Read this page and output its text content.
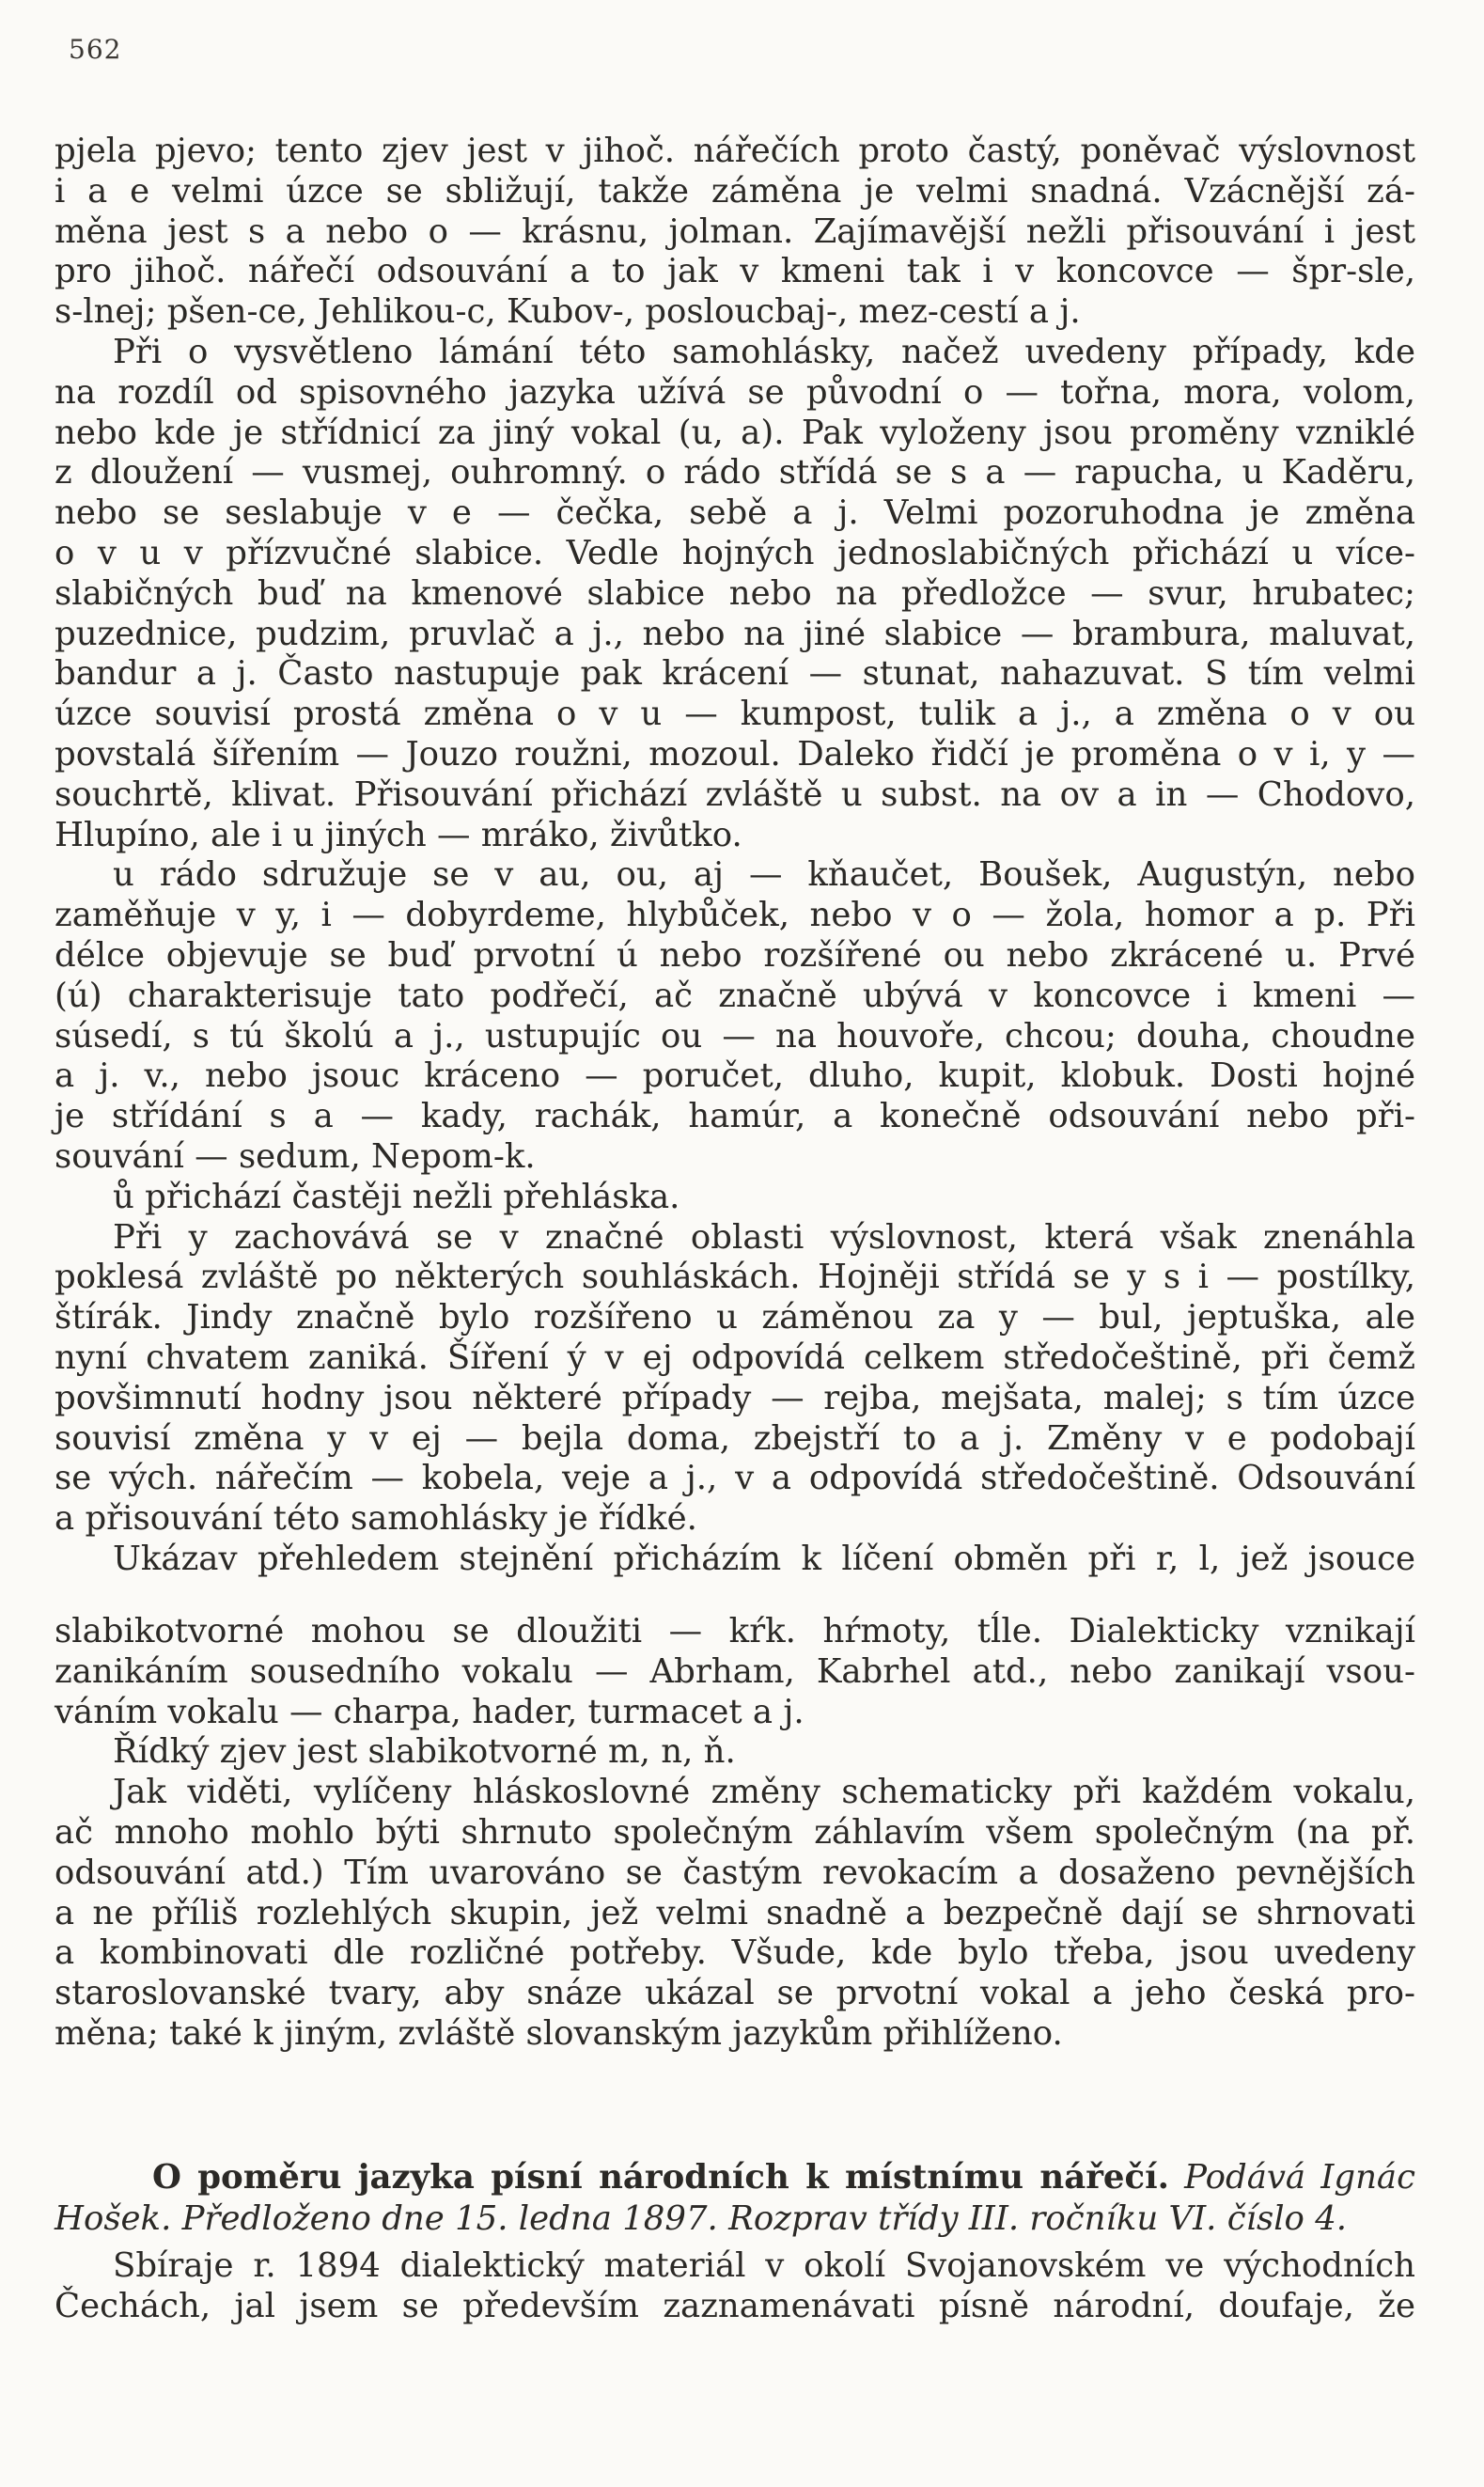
562
pjela pjevo; tento zjev jest v jihoč. nářečích proto častý, poněvač výslovnost
i a e velmi úzce se sbližují, takže záměna je velmi snadná. Vzácnější zá-
měna jest s a nebo o — krásnu, jolman. Zajímavější nežli přisouvání i jest
pro jihoč. nářečí odsouvání a to jak v kmeni tak i v koncovce — špr-sle,
s-lnej; pšen-ce, Jehlikou-c, Kubov-, posloucbaj-, mez-cestí a j.
Při o vysvětleno lámání této samohlásky, načež uvedeny případy, kde
na rozdíl od spisovného jazyka užívá se původní o — tořna, mora, volom,
nebo kde je střídnicí za jiný vokal (u, a). Pak vyloženy jsou proměny vzniklé
z dloužení — vusmej, ouhromný. o rádo střídá se s a — rapucha, u Kaděru,
nebo se seslabuje v e — čečka, sebě a j. Velmi pozoruhodna je změna
o v u v přízvučné slabice. Vedle hojných jednoslabičných přichází u více-
slabičných buď na kmenové slabice nebo na předložce — svur, hrubatec;
puzednice, pudzim, pruvlač a j., nebo na jiné slabice — brambura, maluvat,
bandur a j. Často nastupuje pak krácení — stunat, nahazuvat. S tím velmi
úzce souvisí prostá změna o v u — kumpost, tulik a j., a změna o v ou
povstalá šířením — Jouzo roužni, mozoul. Daleko řidčí je proměna o v i, y —
souchrtě, klivat. Přisouvání přichází zvláště u subst. na ov a in — Chodovo,
Hlupíno, ale i u jiných — mráko, živůtko.
u rádo sdružuje se v au, ou, aj — kňaučet, Boušek, Augustýn, nebo
zaměňuje v y, i — dobyrdeme, hlybůček, nebo v o — žola, homor a p. Při
délce objevuje se buď prvotní ú nebo rozšířené ou nebo zkrácené u. Prvé
(ú) charakterisuje tato podřečí, ač značně ubývá v koncovce i kmeni —
súsedí, s tú školú a j., ustupujíc ou — na houvoře, chcou; douha, choudne
a j. v., nebo jsouc kráceno — poručet, dluho, kupit, klobuk. Dosti hojné
je střídání s a — kady, rachák, hamúr, a konečně odsouvání nebo při-
souvání — sedum, Nepom-k.
ů přichází častěji nežli přehláska.
Při y zachovává se v značné oblasti výslovnost, která však znenáhla
poklesá zvláště po některých souhláskách. Hojněji střídá se y s i — postílky,
štírák. Jindy značně bylo rozšířeno u záměnou za y — bul, jeptuška, ale
nyní chvatem zaniká. Šíření ý v ej odpovídá celkem středočeštině, při čemž
povšimnutí hodny jsou některé případy — rejba, mejšata, malej; s tím úzce
souvisí změna y v ej — bejla doma, zbejstří to a j. Změny v e podobají
se vých. nářečím — kobela, veje a j., v a odpovídá středočeštině. Odsouvání
a přisouvání této samohlásky je řídké.
Ukázav přehledem stejnění přicházím k líčení obměn při r, l, jež jsouce
slabikotvorné mohou se dloužiti — kŕk. hŕmoty, tĺle. Dialekticky vznikají
zanikáním sousedního vokalu — Abrham, Kabrhel atd., nebo zanikají vsou-
váním vokalu — charpa, hader, turmacet a j.
Řídký zjev jest slabikotvorné m, n, ň.
Jak viděti, vylíčeny hláskoslovné změny schematicky při každém vokalu,
ač mnoho mohlo býti shrnuto společným záhlavím všem společným (na př.
odsouvání atd.) Tím uvarováno se častým revokacím a dosaženo pevnějších
a ne příliš rozlehlých skupin, jež velmi snadně a bezpečně dají se shrnovati
a kombinovati dle rozličné potřeby. Všude, kde bylo třeba, jsou uvedeny
staroslovanské tvary, aby snáze ukázal se prvotní vokal a jeho česká pro-
měna; také k jiným, zvláště slovanským jazykům přihlíženo.
O poměru jazyka písní národních k místnímu nářečí. Podává Ignác
Hošek. Předloženo dne 15. ledna 1897. Rozprav třídy III. ročníku VI. číslo 4.
Sbíraje r. 1894 dialektický materiál v okolí Svojanovském ve východních
Čechách, jal jsem se především zaznamenávati písně národní, doufaje, že
